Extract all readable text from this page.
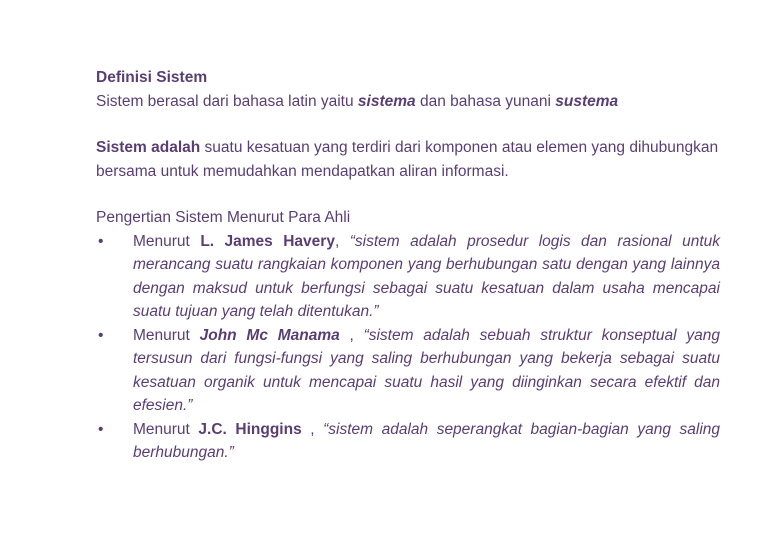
Definisi Sistem

Sistem berasal dari bahasa latin yaitu sistema dan bahasa yunani sustema

Sistem adalah suatu kesatuan yang terdiri dari komponen atau elemen yang dihubungkan bersama untuk memudahkan mendapatkan aliran informasi.

Pengertian Sistem Menurut Para Ahli
•	Menurut L. James Havery, “sistem adalah prosedur logis dan rasional untuk merancang suatu rangkaian komponen yang berhubungan satu dengan yang lainnya dengan maksud untuk berfungsi sebagai suatu kesatuan dalam usaha mencapai suatu tujuan yang telah ditentukan.”
•	Menurut John Mc Manama , “sistem adalah sebuah struktur konseptual yang tersusun dari fungsi-fungsi yang saling berhubungan yang bekerja sebagai suatu kesatuan organik untuk mencapai suatu hasil yang diinginkan secara efektif dan efesien.”
•	Menurut J.C. Hinggins , “sistem adalah seperangkat bagian-bagian yang saling berhubungan.”
